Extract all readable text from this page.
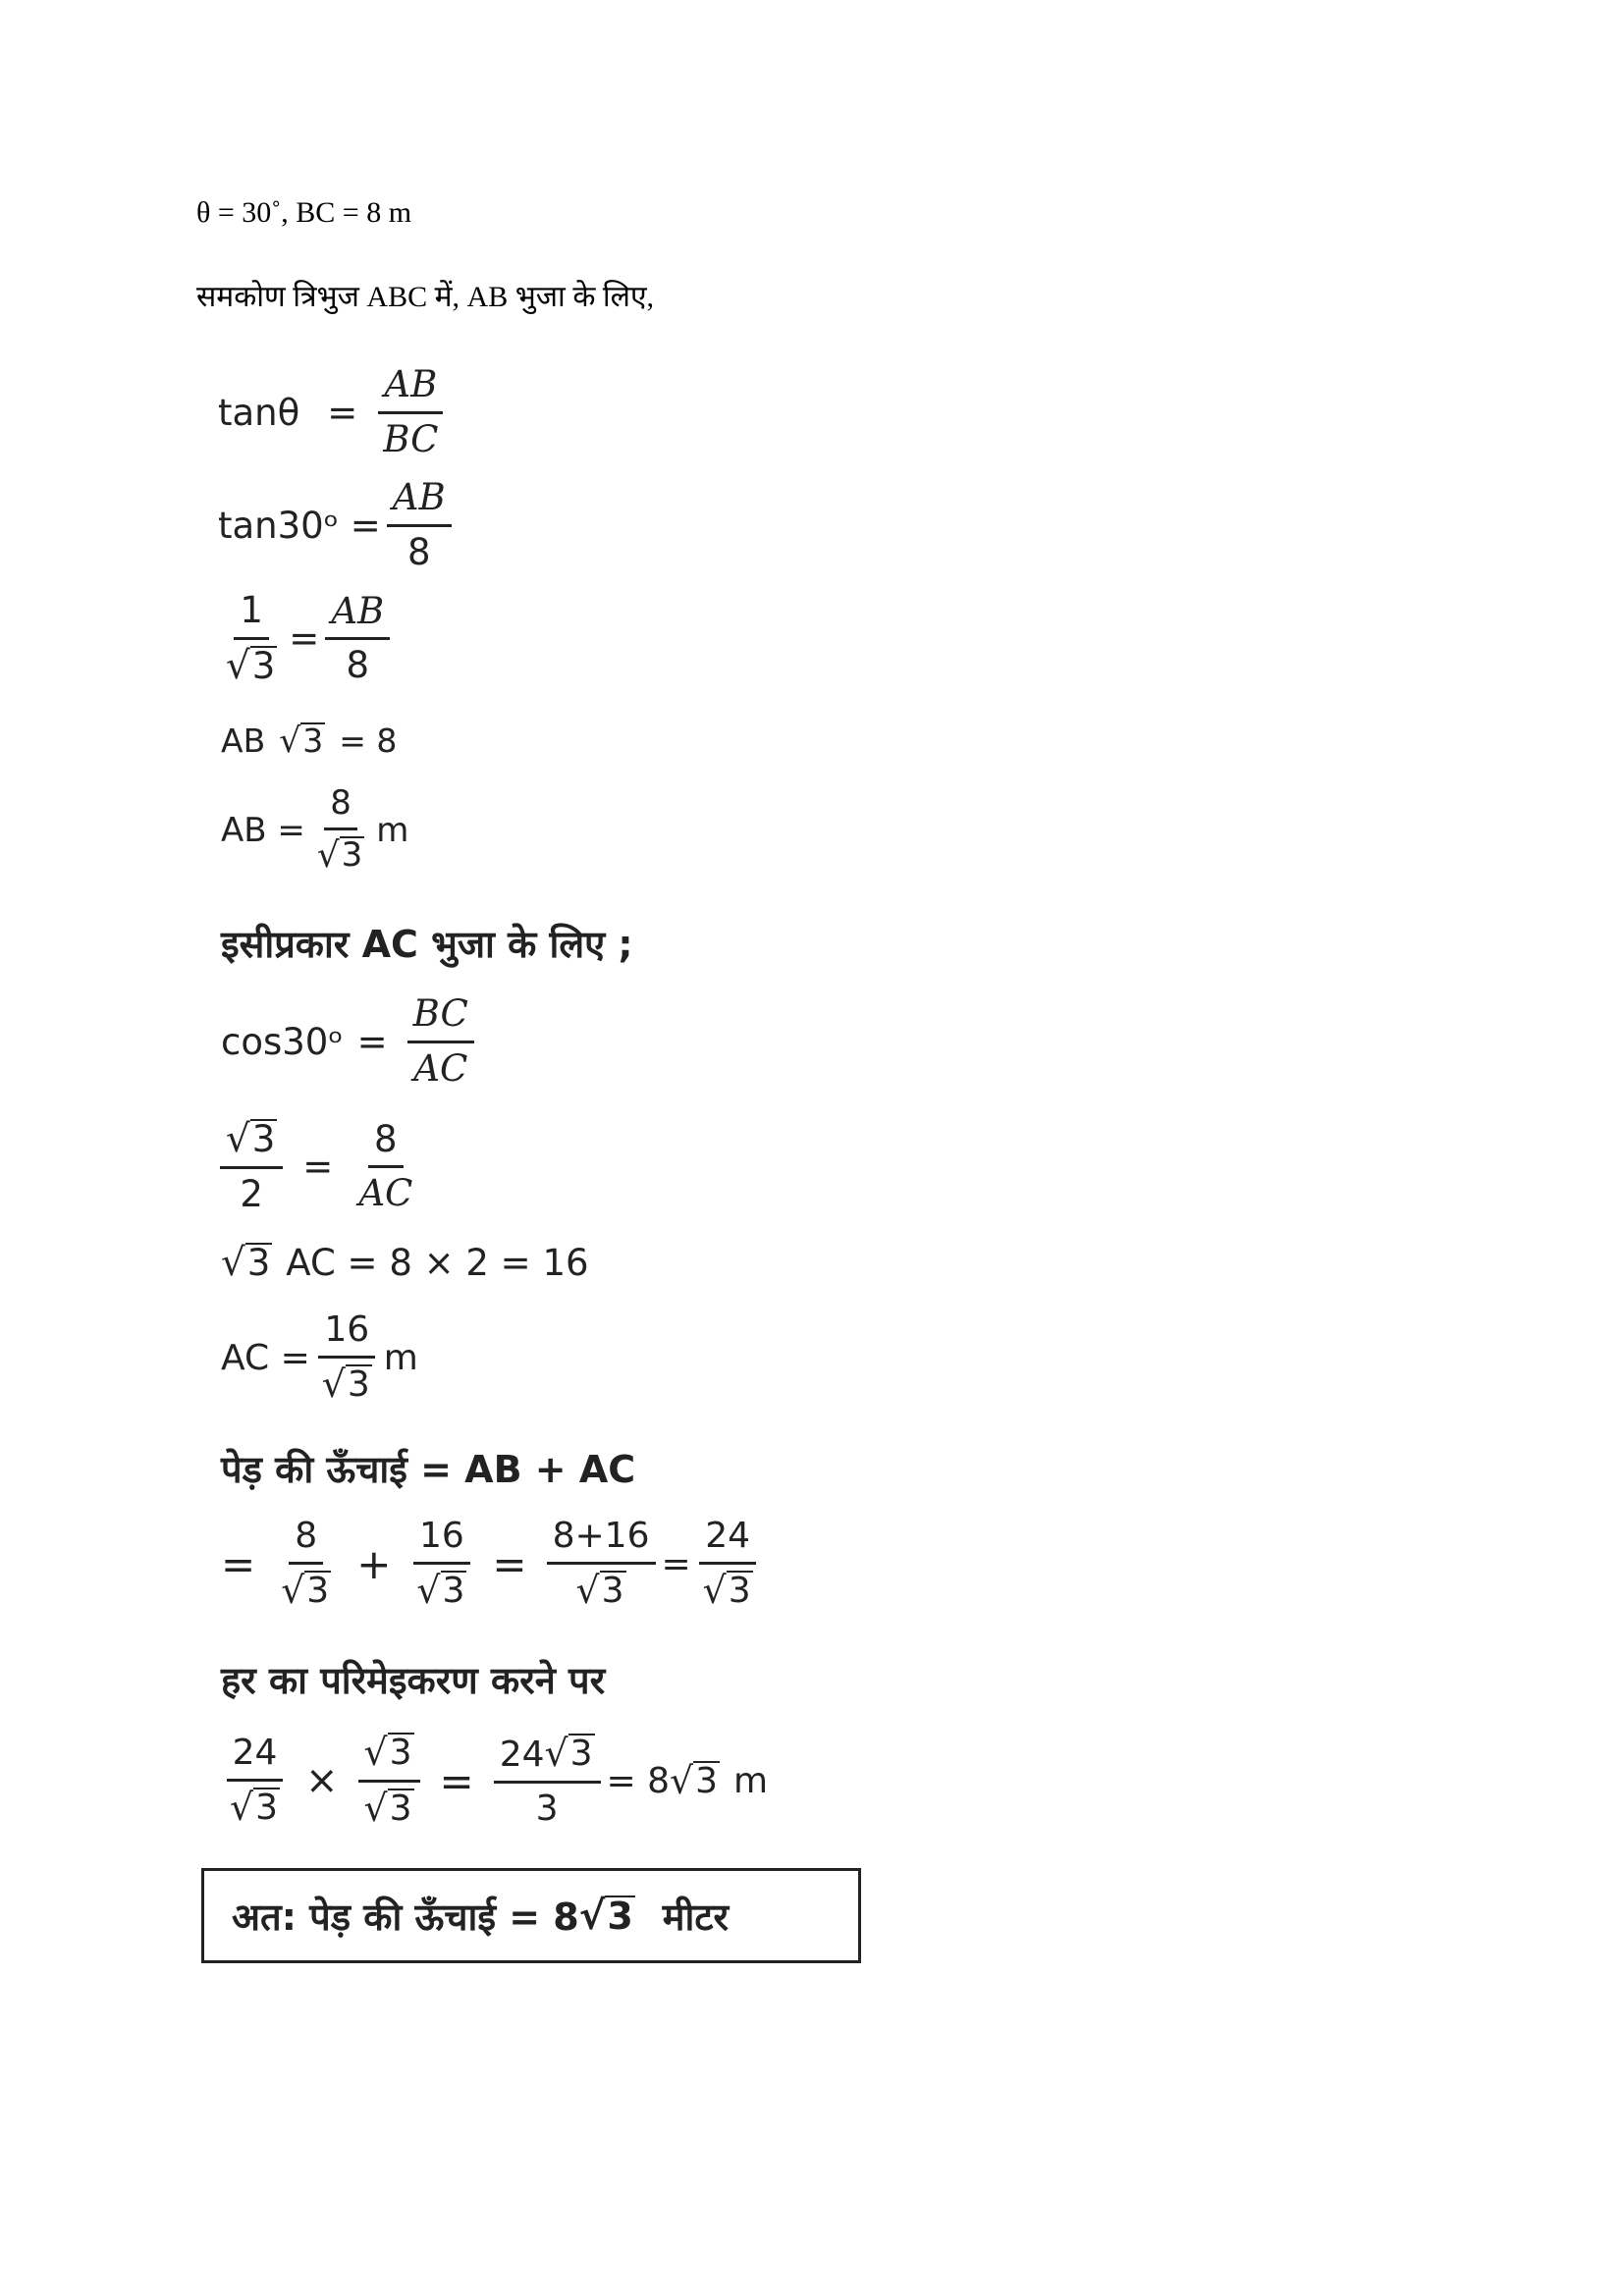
θ = 30˚, BC = 8 m
समकोण त्रिभुज ABC में, AB भुजा के लिए,
$\tan\theta = \frac{AB}{BC}$
tan30ᵒ = $\frac{AB}{8}$
$\frac{1}{√ 3} = \frac{AB}{8}$
AB √ 3 = 8
AB = $\frac{8}{√ 3}$ m
इसीप्रकार AC भुजा के लिए ;
cos30ᵒ = $\frac{BC}{AC}$
$\frac{√ 3}{2} = \frac{8}{AC}$
√ 3 AC = 8 × 2 = 16
AC = $\frac{16}{√ 3}$ m
पेड़ की ऊँचाई = AB + AC
= $\frac{8}{√ 3} + \frac{16}{√ 3} = \frac{8+16}{√ 3} = \frac{24}{√ 3}$
हर का परिमेइकरण करने पर
$\frac{24}{√ 3} \times \frac{√ 3}{√ 3} = \frac{24 √ 3}{3} = 8$ √ 3 m
अत: पेड़ की ऊँचाई = 8 √ 3 मीटर
